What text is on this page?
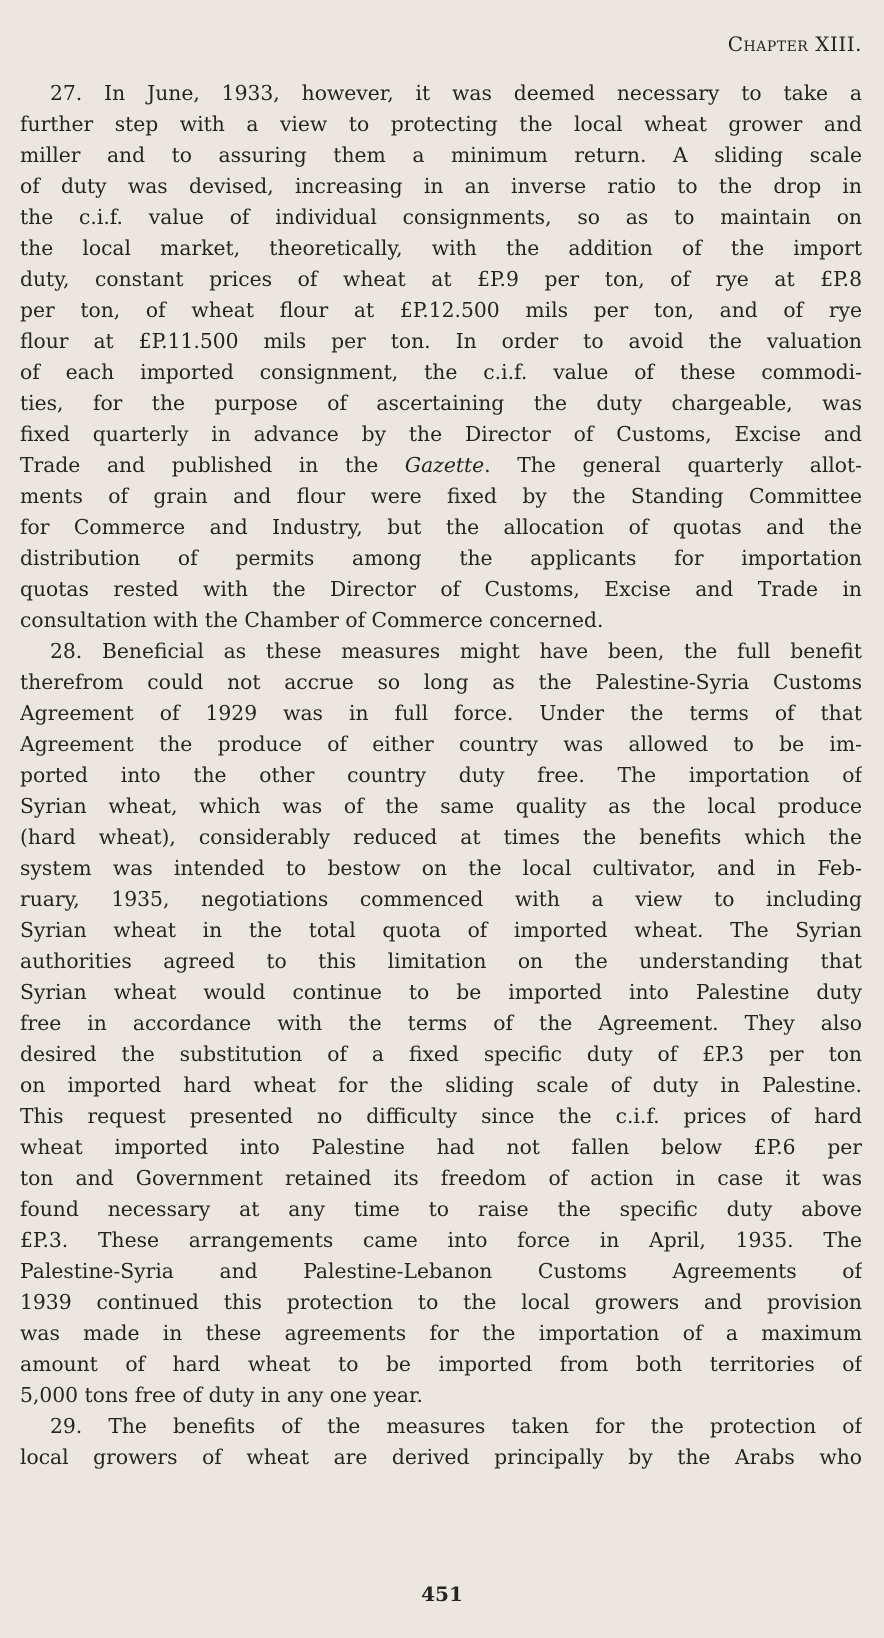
Chapter XIII.
27. In June, 1933, however, it was deemed necessary to take a
further step with a view to protecting the local wheat grower and
miller and to assuring them a minimum return. A sliding scale
of duty was devised, increasing in an inverse ratio to the drop in
the c.i.f. value of individual consignments, so as to maintain on
the local market, theoretically, with the addition of the import
duty, constant prices of wheat at £P.9 per ton, of rye at £P.8
per ton, of wheat flour at £P.12.500 mils per ton, and of rye
flour at £P.11.500 mils per ton. In order to avoid the valuation
of each imported consignment, the c.i.f. value of these commodi-
ties, for the purpose of ascertaining the duty chargeable, was
fixed quarterly in advance by the Director of Customs, Excise and
Trade and published in the Gazette. The general quarterly allot-
ments of grain and flour were fixed by the Standing Committee
for Commerce and Industry, but the allocation of quotas and the
distribution of permits among the applicants for importation
quotas rested with the Director of Customs, Excise and Trade in
consultation with the Chamber of Commerce concerned.
28. Beneficial as these measures might have been, the full benefit
therefrom could not accrue so long as the Palestine-Syria Customs
Agreement of 1929 was in full force. Under the terms of that
Agreement the produce of either country was allowed to be im-
ported into the other country duty free. The importation of
Syrian wheat, which was of the same quality as the local produce
(hard wheat), considerably reduced at times the benefits which the
system was intended to bestow on the local cultivator, and in Feb-
ruary, 1935, negotiations commenced with a view to including
Syrian wheat in the total quota of imported wheat. The Syrian
authorities agreed to this limitation on the understanding that
Syrian wheat would continue to be imported into Palestine duty
free in accordance with the terms of the Agreement. They also
desired the substitution of a fixed specific duty of £P.3 per ton
on imported hard wheat for the sliding scale of duty in Palestine.
This request presented no difficulty since the c.i.f. prices of hard
wheat imported into Palestine had not fallen below £P.6 per
ton and Government retained its freedom of action in case it was
found necessary at any time to raise the specific duty above
£P.3. These arrangements came into force in April, 1935. The
Palestine-Syria and Palestine-Lebanon Customs Agreements of
1939 continued this protection to the local growers and provision
was made in these agreements for the importation of a maximum
amount of hard wheat to be imported from both territories of
5,000 tons free of duty in any one year.
29. The benefits of the measures taken for the protection of
local growers of wheat are derived principally by the Arabs who
451
